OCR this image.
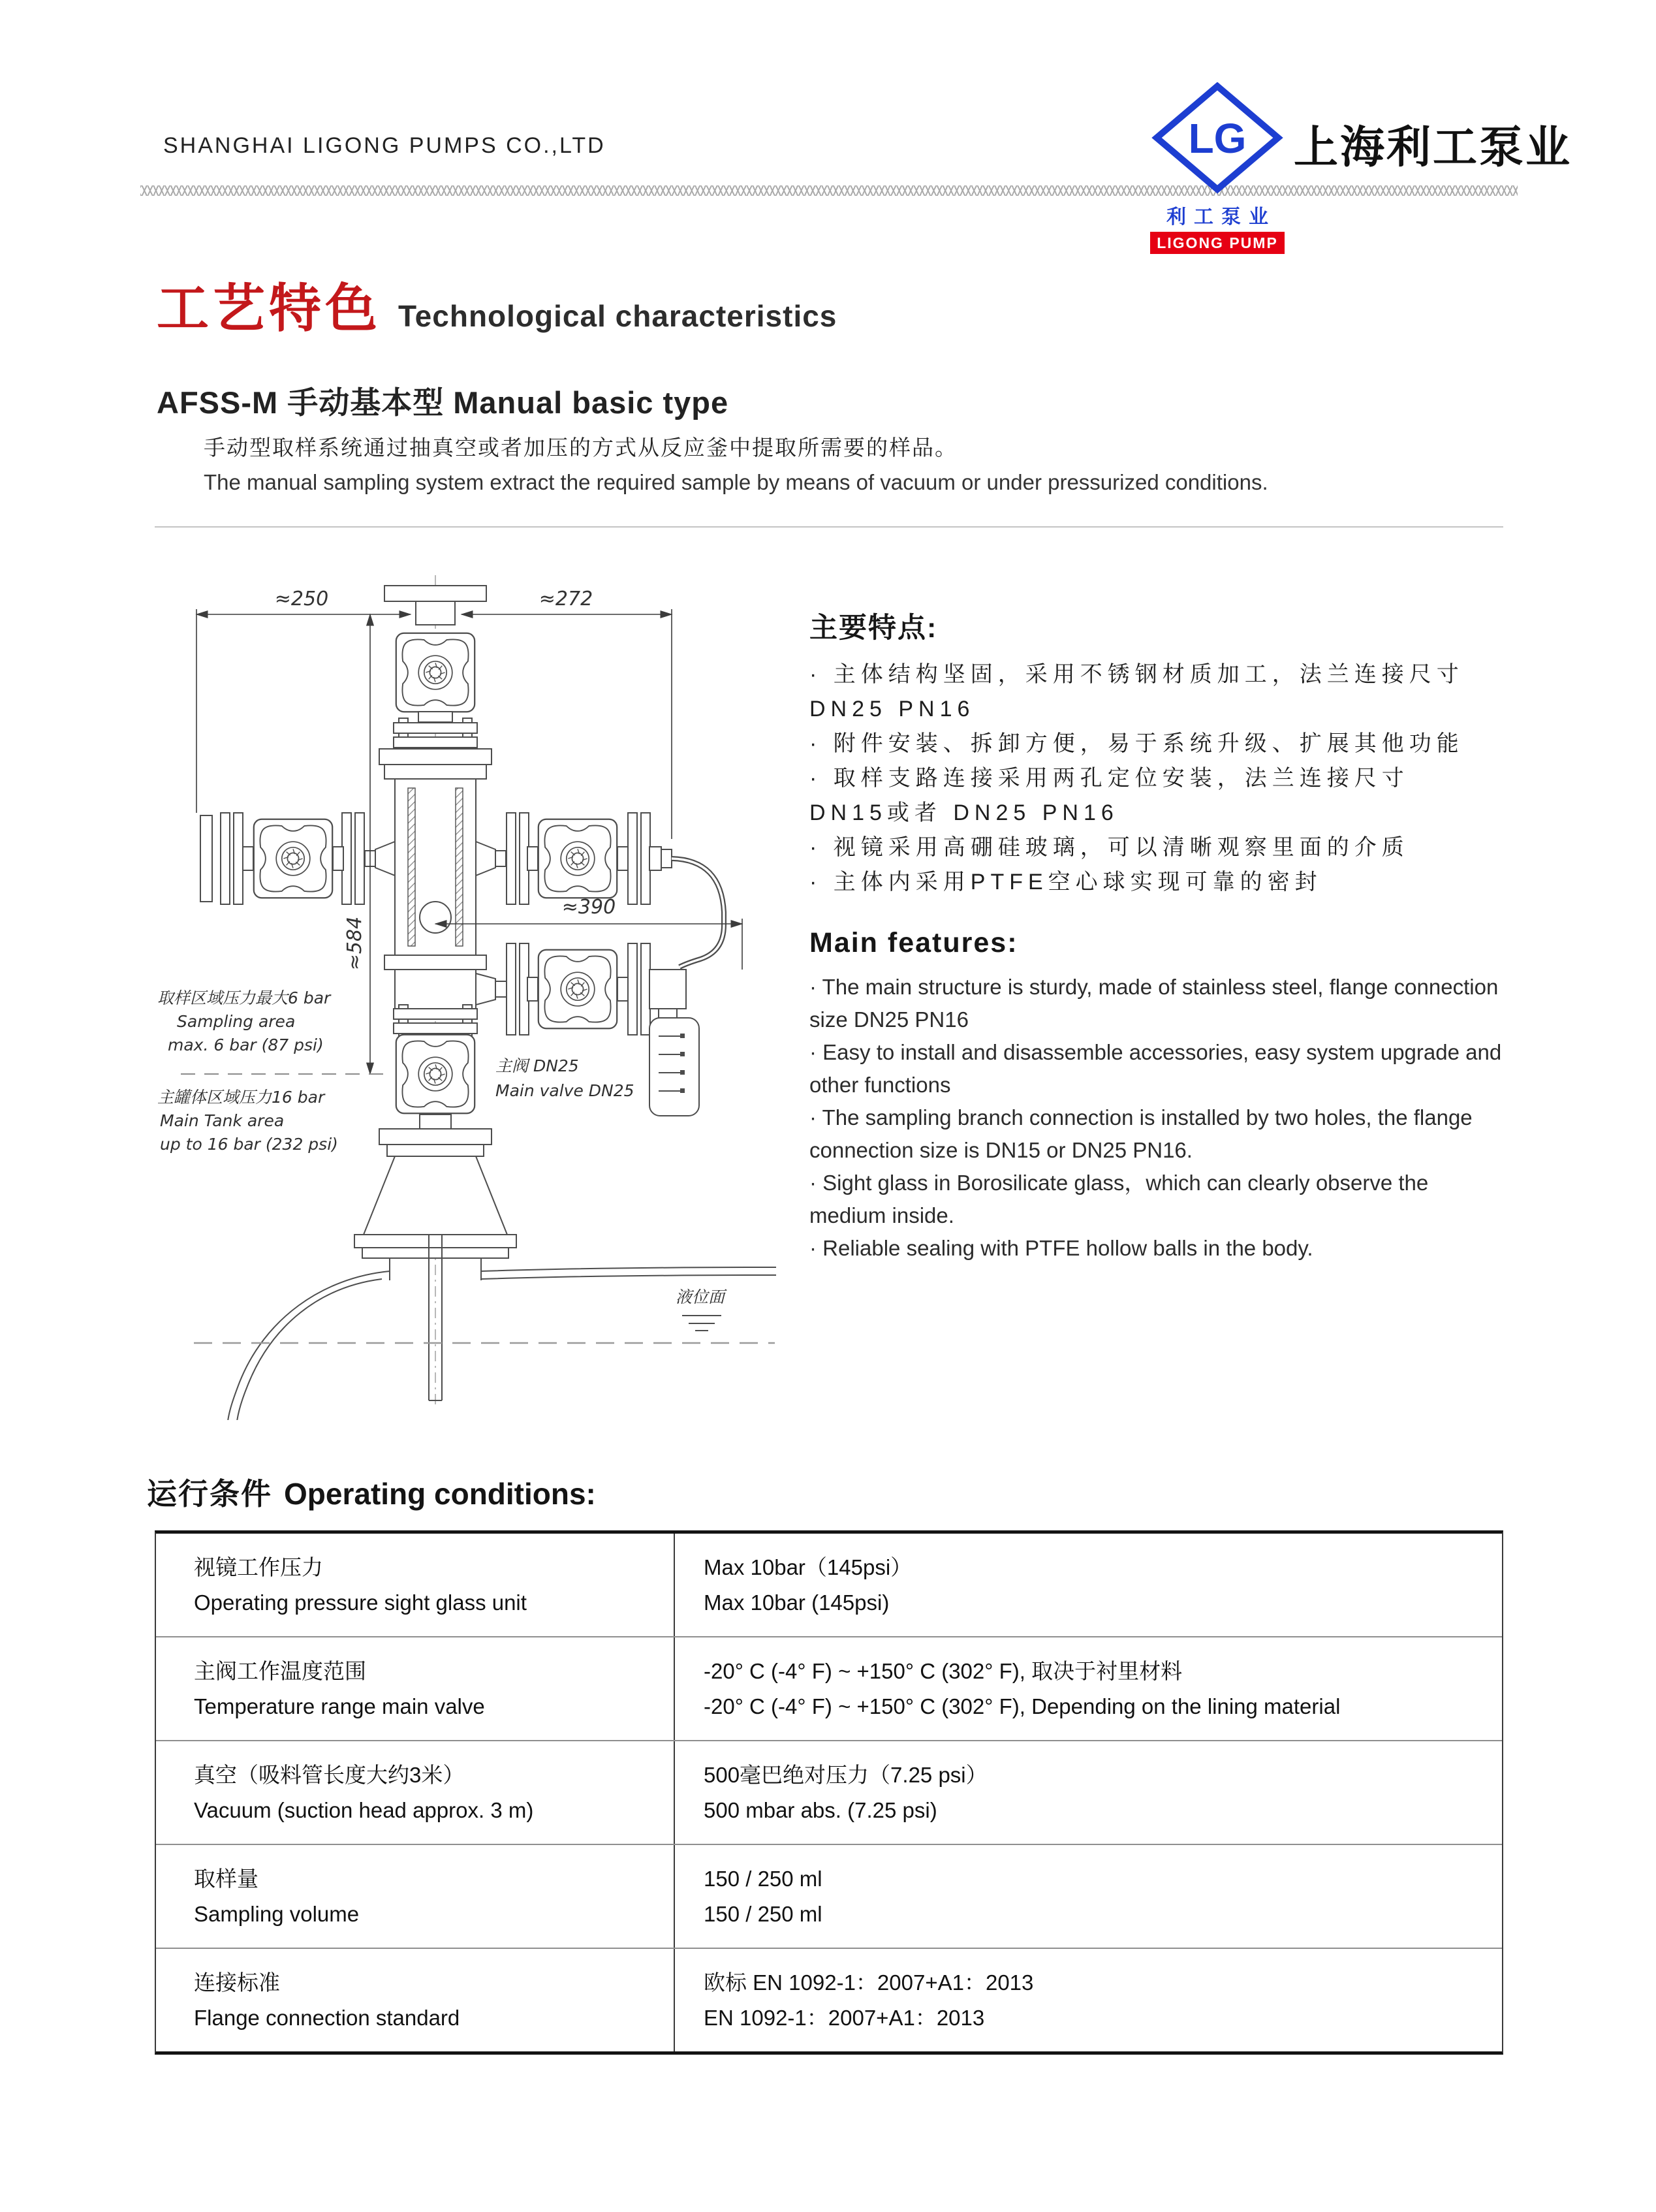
SHANGHAI LIGONG PUMPS CO.,LTD	LG
利工泵业
LIGONG PUMP
上海利工泵业
工艺特色 Technological characteristics
AFSS-M 手动基本型 Manual basic type
手动型取样系统通过抽真空或者加压的方式从反应釜中提取所需要的样品。
The manual sampling system extract the required sample by means of vacuum or under pressurized conditions.
液位面
≈250	≈272
≈584
≈390
取样区域压力最大6 bar
Sampling area
max. 6 bar (87 psi)
主罐体区域压力16 bar
Main Tank area
up to 16 bar (232 psi)
主阀 DN25
Main valve DN25
主要特点:
· 主体结构坚固，采用不锈钢材质加工，法兰连接尺寸DN25 PN16
· 附件安装、拆卸方便，易于系统升级、扩展其他功能
· 取样支路连接采用两孔定位安装，法兰连接尺寸DN15或者 DN25 PN16
· 视镜采用高硼硅玻璃，可以清晰观察里面的介质
· 主体内采用PTFE空心球实现可靠的密封
Main features:
· The main structure is sturdy, made of stainless steel, flange connection size DN25 PN16
· Easy to install and disassemble accessories, easy system upgrade and other functions
· The sampling branch connection is installed by two holes, the flange connection size is DN15 or DN25 PN16.
· Sight glass in Borosilicate glass，which can clearly observe the medium inside.
· Reliable sealing with PTFE hollow balls in the body.
运行条件 Operating conditions:
视镜工作压力
Operating pressure sight glass unit
Max 10bar（145psi）
Max 10bar (145psi)
主阀工作温度范围
Temperature range main valve
-20° C (-4° F) ~ +150° C (302° F), 取决于衬里材料
-20° C (-4° F) ~ +150° C (302° F), Depending on the lining material
真空（吸料管长度大约3米）
Vacuum (suction head approx. 3 m)
500毫巴绝对压力（7.25 psi）
500 mbar abs. (7.25 psi)
取样量
Sampling volume
150 / 250 ml
150 / 250 ml
连接标准
Flange connection standard
欧标 EN 1092-1：2007+A1：2013
EN 1092-1：2007+A1：2013
